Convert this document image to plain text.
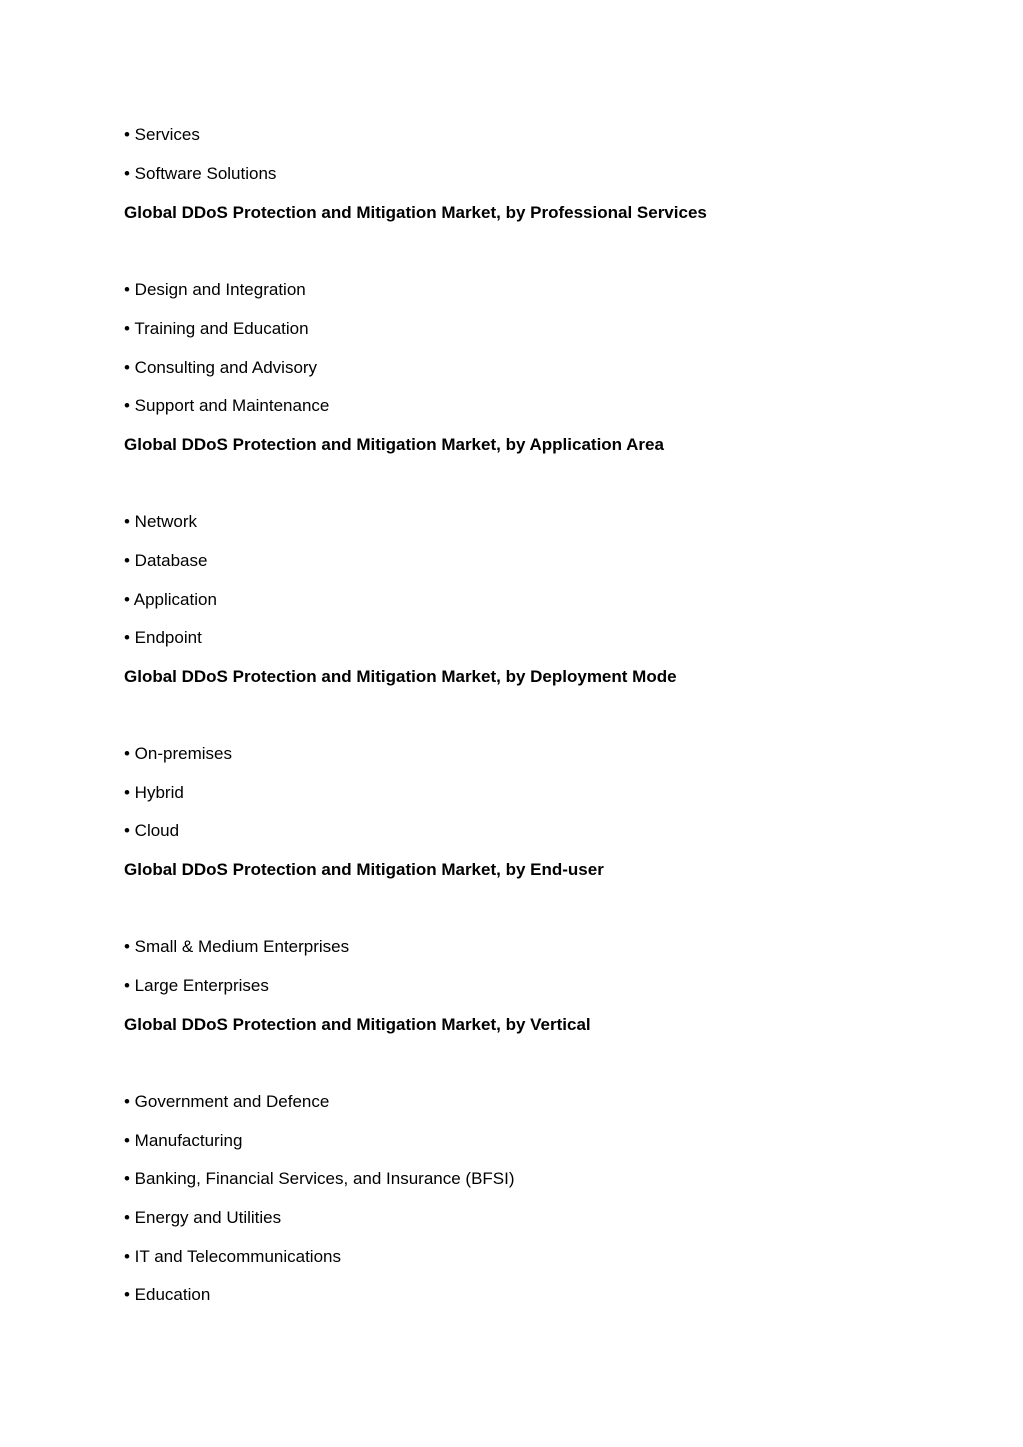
• Services
• Software Solutions
Global DDoS Protection and Mitigation Market, by Professional Services
• Design and Integration
• Training and Education
• Consulting and Advisory
• Support and Maintenance
Global DDoS Protection and Mitigation Market, by Application Area
• Network
• Database
• Application
• Endpoint
Global DDoS Protection and Mitigation Market, by Deployment Mode
• On-premises
• Hybrid
• Cloud
Global DDoS Protection and Mitigation Market, by End-user
• Small & Medium Enterprises
• Large Enterprises
Global DDoS Protection and Mitigation Market, by Vertical
• Government and Defence
• Manufacturing
• Banking, Financial Services, and Insurance (BFSI)
• Energy and Utilities
• IT and Telecommunications
• Education
